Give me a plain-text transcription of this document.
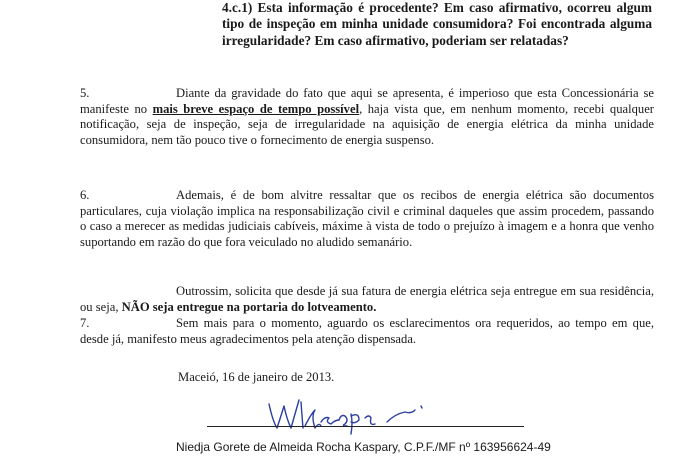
4.c.1) Esta informação é procedente? Em caso afirmativo, ocorreu algum tipo de inspeção em minha unidade consumidora? Foi encontrada alguma irregularidade? Em caso afirmativo, poderiam ser relatadas?

5.	Diante da gravidade do fato que aqui se apresenta, é imperioso que esta Concessionária se manifeste no mais breve espaço de tempo possível, haja vista que, em nenhum momento, recebi qualquer notificação, seja de inspeção, seja de irregularidade na aquisição de energia elétrica da minha unidade consumidora, nem tão pouco tive o fornecimento de energia suspenso.

6.	Ademais, é de bom alvitre ressaltar que os recibos de energia elétrica são documentos particulares, cuja violação implica na responsabilização civil e criminal daqueles que assim procedem, passando o caso a merecer as medidas judiciais cabíveis, máxime à vista de todo o prejuízo à imagem e a honra que venho suportando em razão do que fora veiculado no aludido semanário.

Outrossim, solicita que desde já sua fatura de energia elétrica seja entregue em sua residência, ou seja, NÃO seja entregue na portaria do lotveamento.

7.	Sem mais para o momento, aguardo os esclarecimentos ora requeridos, ao tempo em que, desde já, manifesto meus agradecimentos pela atenção dispensada.

Maceió, 16 de janeiro de 2013.

Niedja Gorete de Almeida Rocha Kaspary, C.P.F./MF nº 163956624-49
